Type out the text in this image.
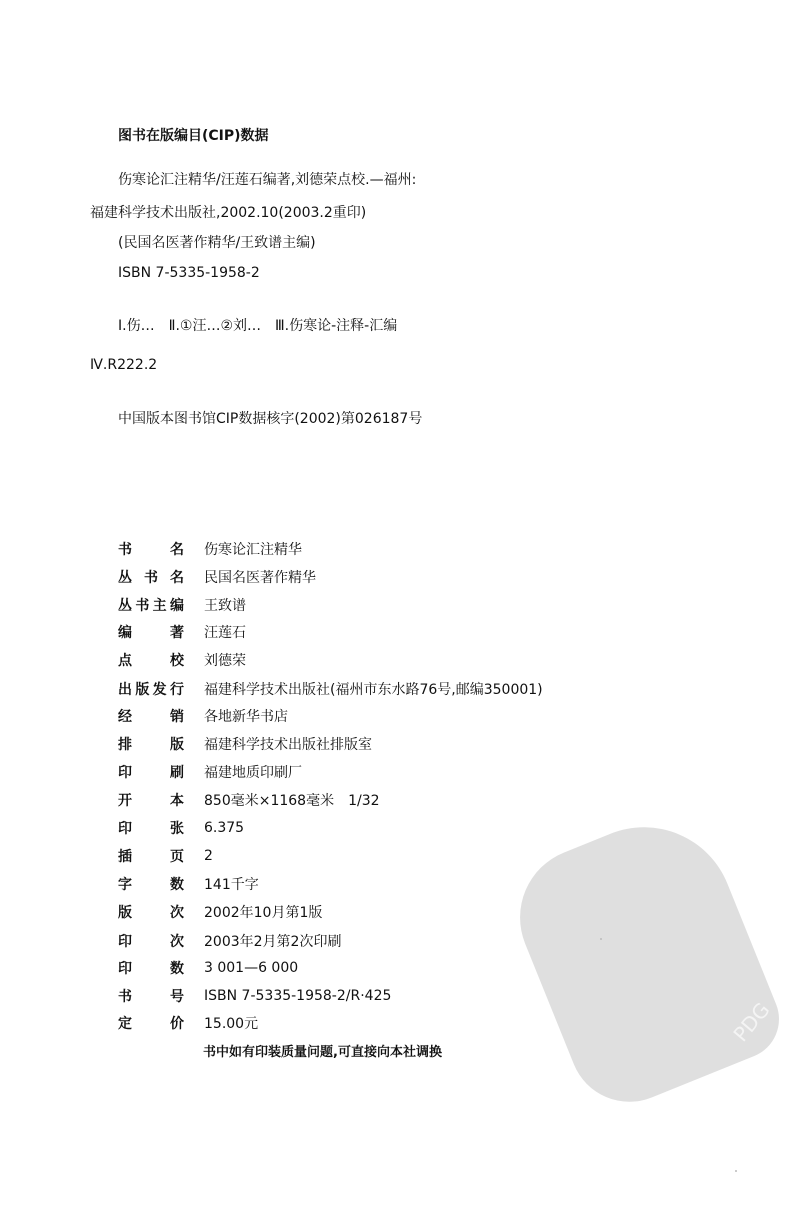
图书在版编目(CIP)数据
伤寒论汇注精华/汪莲石编著,刘德荣点校.—福州:
福建科学技术出版社,2002.10(2003.2重印)
(民国名医著作精华/王致谱主编)
ISBN 7-5335-1958-2
Ⅰ.伤…　Ⅱ.①汪…②刘…　Ⅲ.伤寒论-注释-汇编
Ⅳ.R222.2
中国版本图书馆CIP数据核字(2002)第026187号
书名 伤寒论汇注精华
丛书名 民国名医著作精华
丛书主编 王致谱
编著 汪莲石
点校 刘德荣
出版发行 福建科学技术出版社(福州市东水路76号,邮编350001)
经销 各地新华书店
排版 福建科学技术出版社排版室
印刷 福建地质印刷厂
开本 850毫米×1168毫米　1/32
印张 6.375
插页 2
字数 141千字
版次 2002年10月第1版
印次 2003年2月第2次印刷
印数 3 001—6 000
书号 ISBN 7-5335-1958-2/R·425
定价 15.00元
书中如有印装质量问题,可直接向本社调换
PDG
